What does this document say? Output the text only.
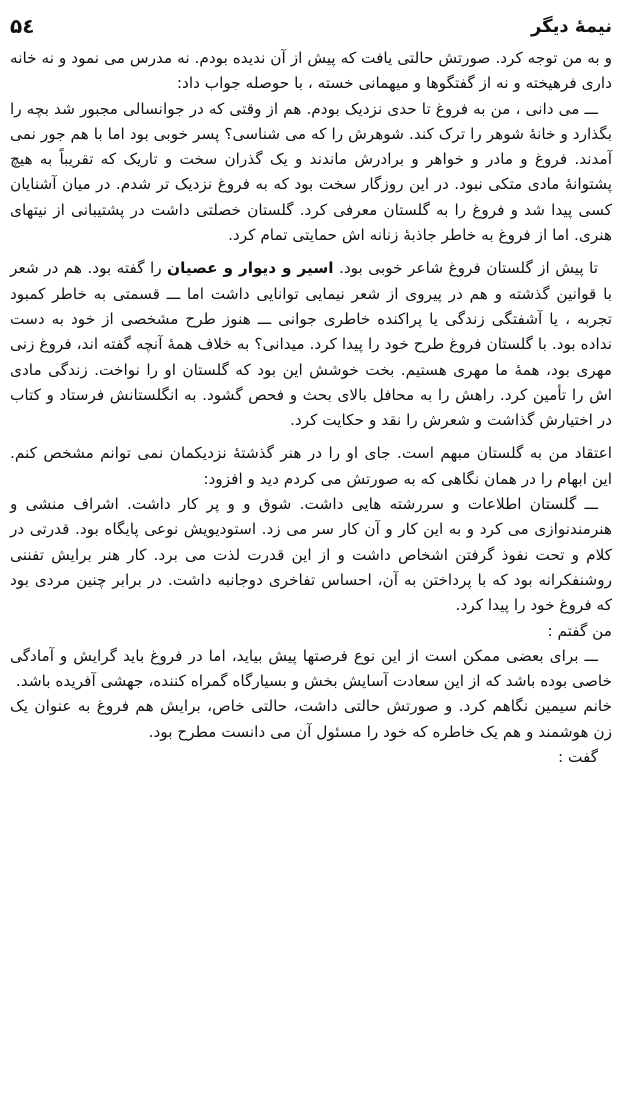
نیمهٔ دیگر
۵٤

و به من توجه کرد. صورتش حالتی یافت که پیش از آن ندیده بودم. نه مدرس می نمود و نه خانه داری فرهیخته و نه از گفتگوها و میهمانی خسته ، با حوصله جواب داد:

ـــ می دانی ، من به فروغ تا حدی نزدیک بودم. هم از وقتی که در جوانسالی مجبور شد بچه را بگذارد و خانهٔ شوهر را ترک کند. شوهرش را که می شناسی؟ پسر خوبی بود اما با هم جور نمی آمدند. فروغ و مادر و خواهر و برادرش ماندند و یک گذران سخت و تاریک که تقریباً به هیچ پشتوانهٔ مادی متکی نبود. در این روزگار سخت بود که به فروغ نزدیک تر شدم. در میان آشنایان کسی پیدا شد و فروغ را به گلستان معرفی کرد. گلستان خصلتی داشت در پشتیبانی از نیتهای هنری. اما از فروغ به خاطر جاذبهٔ زنانه اش حمایتی تمام کرد.

تا پیش از گلستان فروغ شاعر خوبی بود. اسیر و دیوار و عصیان را گفته بود. هم در شعر با قوانین گذشته و هم در پیروی از شعر نیمایی توانایی داشت اما ـــ قسمتی به خاطر کمبود تجربه ، یا آشفتگی زندگی یا پراکنده خاطری جوانی ـــ هنوز طرح مشخصی از خود به دست نداده بود. با گلستان فروغ طرح خود را پیدا کرد. میدانی؟ به خلاف همهٔ آنچه گفته اند، فروغ زنی مهری بود، همهٔ ما مهری هستیم. بخت خوشش این بود که گلستان او را نواخت. زندگی مادی اش را تأمین کرد. راهش را به محافل بالای بحث و فحص گشود. به انگلستانش فرستاد و کتاب در اختیارش گذاشت و شعرش را نقد و حکایت کرد.

اعتقاد من به گلستان مبهم است. جای او را در هنر گذشتهٔ نزدیکمان نمی توانم مشخص کنم. این ابهام را در همان نگاهی که به صورتش می کردم دید و افزود:

ـــ گلستان اطلاعات و سررشته هایی داشت. شوق و و پر کار داشت. اشراف منشی و هنرمندنوازی می کرد و به این کار و آن کار سر می زد. استودیویش نوعی پایگاه بود. قدرتی در کلام و تحت نفوذ گرفتن اشخاص داشت و از این قدرت لذت می برد. کار هنر برایش تفننی روشنفکرانه بود که با پرداختن به آن، احساس تفاخری دوجانبه داشت. در برابر چنین مردی بود که فروغ خود را پیدا کرد.

من گفتم :

ـــ برای بعضی ممکن است از این نوع فرصتها پیش بیاید، اما در فروغ باید گرایش و آمادگی خاصی بوده باشد که از این سعادت آسایش بخش و بسیارگاه گمراه کننده، جهشی آفریده باشد.

خانم سیمین نگاهم کرد. و صورتش حالتی داشت، حالتی خاص، برایش هم فروغ به عنوان یک زن هوشمند و هم یک خاطره که خود را مسئول آن می دانست مطرح بود.

گفت :
